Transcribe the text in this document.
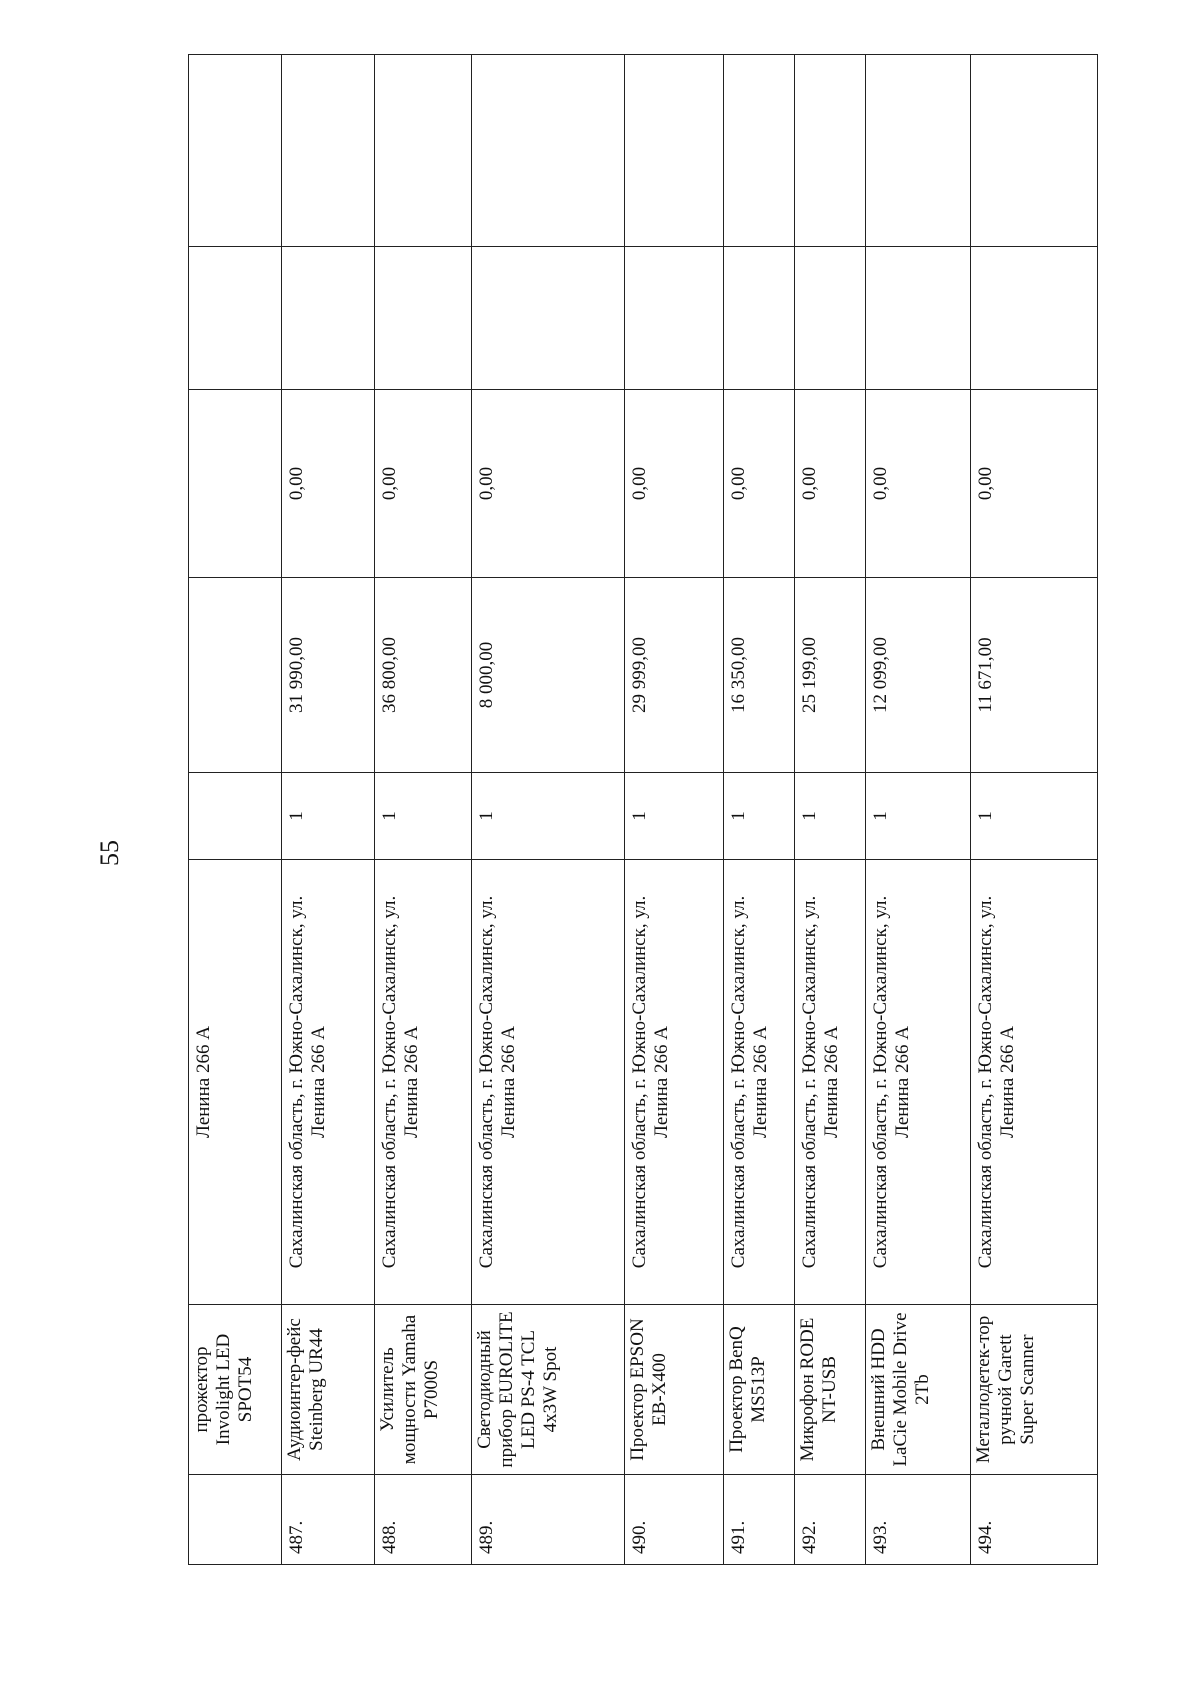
55
	прожектор Involight LED SPOT54	Ленина 266 А					
487.	Аудиоинтер-фейс Steinberg UR44	Сахалинская область, г. Южно-Сахалинск, ул. Ленина 266 А	1	31 990,00	0,00		
488.	Усилитель мощности Yamaha P7000S	Сахалинская область, г. Южно-Сахалинск, ул. Ленина 266 А	1	36 800,00	0,00		
489.	Светодиодный прибор EUROLITE LED PS-4 TCL 4x3W Spot	Сахалинская область, г. Южно-Сахалинск, ул. Ленина 266 А	1	8 000,00	0,00		
490.	Проектор EPSON EB-X400	Сахалинская область, г. Южно-Сахалинск, ул. Ленина 266 А	1	29 999,00	0,00		
491.	Проектор BenQ MS513P	Сахалинская область, г. Южно-Сахалинск, ул. Ленина 266 А	1	16 350,00	0,00		
492.	Микрофон RODE NT-USB	Сахалинская область, г. Южно-Сахалинск, ул. Ленина 266 А	1	25 199,00	0,00		
493.	Внешний HDD LaCie Mobile Drive 2Tb	Сахалинская область, г. Южно-Сахалинск, ул. Ленина 266 А	1	12 099,00	0,00		
494.	Металлодетек-тор ручной Garett Super Scanner	Сахалинская область, г. Южно-Сахалинск, ул. Ленина 266 А	1	11 671,00	0,00		
